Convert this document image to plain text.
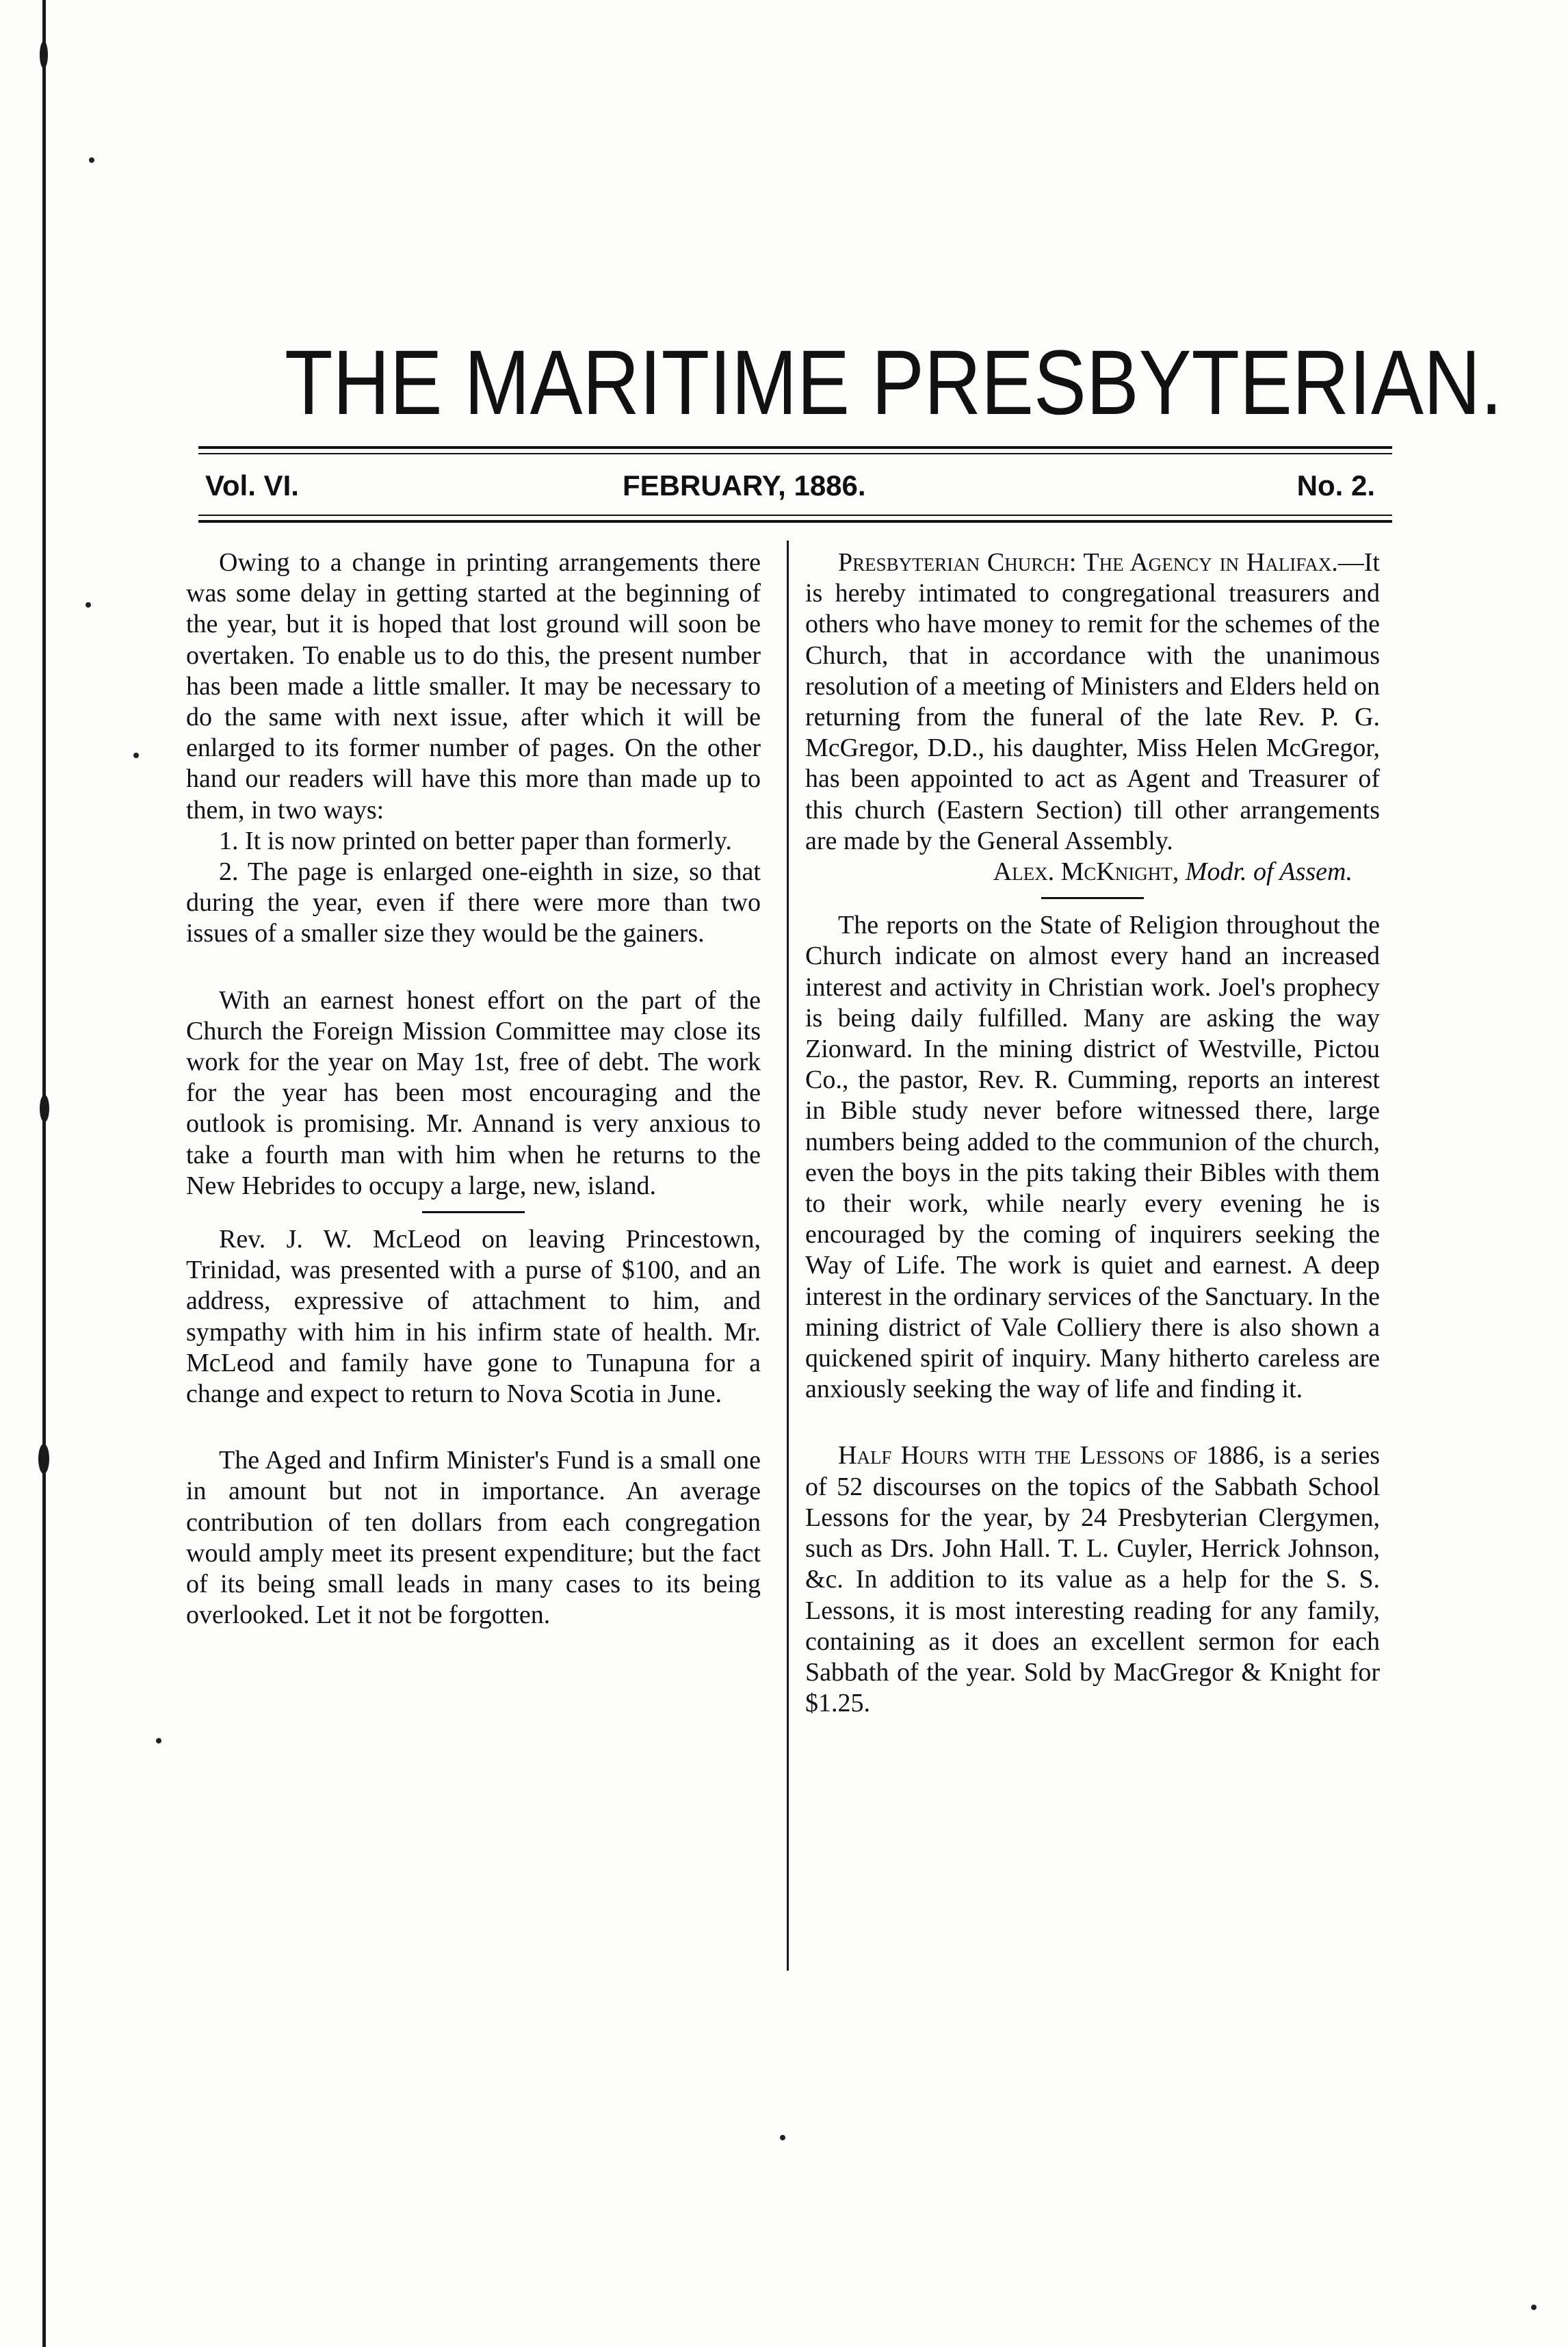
THE MARITIME PRESBYTERIAN.
Vol. VI.	FEBRUARY, 1886.	No. 2.

Owing to a change in printing arrangements there was some delay in getting started at the beginning of the year, but it is hoped that lost ground will soon be overtaken. To enable us to do this, the present number has been made a little smaller. It may be necessary to do the same with next issue, after which it will be enlarged to its former number of pages. On the other hand our readers will have this more than made up to them, in two ways:

1. It is now printed on better paper than formerly.

2. The page is enlarged one-eighth in size, so that during the year, even if there were more than two issues of a smaller size they would be the gainers.

With an earnest honest effort on the part of the Church the Foreign Mission Committee may close its work for the year on May 1st, free of debt. The work for the year has been most encouraging and the outlook is promising. Mr. Annand is very anxious to take a fourth man with him when he returns to the New Hebrides to occupy a large, new, island.

Rev. J. W. McLeod on leaving Princestown, Trinidad, was presented with a purse of $100, and an address, expressive of attachment to him, and sympathy with him in his infirm state of health. Mr. McLeod and family have gone to Tunapuna for a change and expect to return to Nova Scotia in June.

The Aged and Infirm Minister's Fund is a small one in amount but not in importance. An average contribution of ten dollars from each congregation would amply meet its present expenditure; but the fact of its being small leads in many cases to its being overlooked. Let it not be forgotten.

Presbyterian Church: The Agency in Halifax.—It is hereby intimated to congregational treasurers and others who have money to remit for the schemes of the Church, that in accordance with the unanimous resolution of a meeting of Ministers and Elders held on returning from the funeral of the late Rev. P. G. McGregor, D.D., his daughter, Miss Helen McGregor, has been appointed to act as Agent and Treasurer of this church (Eastern Section) till other arrangements are made by the General Assembly.

Alex. McKnight, Modr. of Assem.

The reports on the State of Religion throughout the Church indicate on almost every hand an increased interest and activity in Christian work. Joel's prophecy is being daily fulfilled. Many are asking the way Zionward. In the mining district of Westville, Pictou Co., the pastor, Rev. R. Cumming, reports an interest in Bible study never before witnessed there, large numbers being added to the communion of the church, even the boys in the pits taking their Bibles with them to their work, while nearly every evening he is encouraged by the coming of inquirers seeking the Way of Life. The work is quiet and earnest. A deep interest in the ordinary services of the Sanctuary. In the mining district of Vale Colliery there is also shown a quickened spirit of inquiry. Many hitherto careless are anxiously seeking the way of life and finding it.

Half Hours with the Lessons of 1886, is a series of 52 discourses on the topics of the Sabbath School Lessons for the year, by 24 Presbyterian Clergymen, such as Drs. John Hall. T. L. Cuyler, Herrick Johnson, &c. In addition to its value as a help for the S. S. Lessons, it is most interesting reading for any family, containing as it does an excellent sermon for each Sabbath of the year. Sold by MacGregor & Knight for $1.25.
